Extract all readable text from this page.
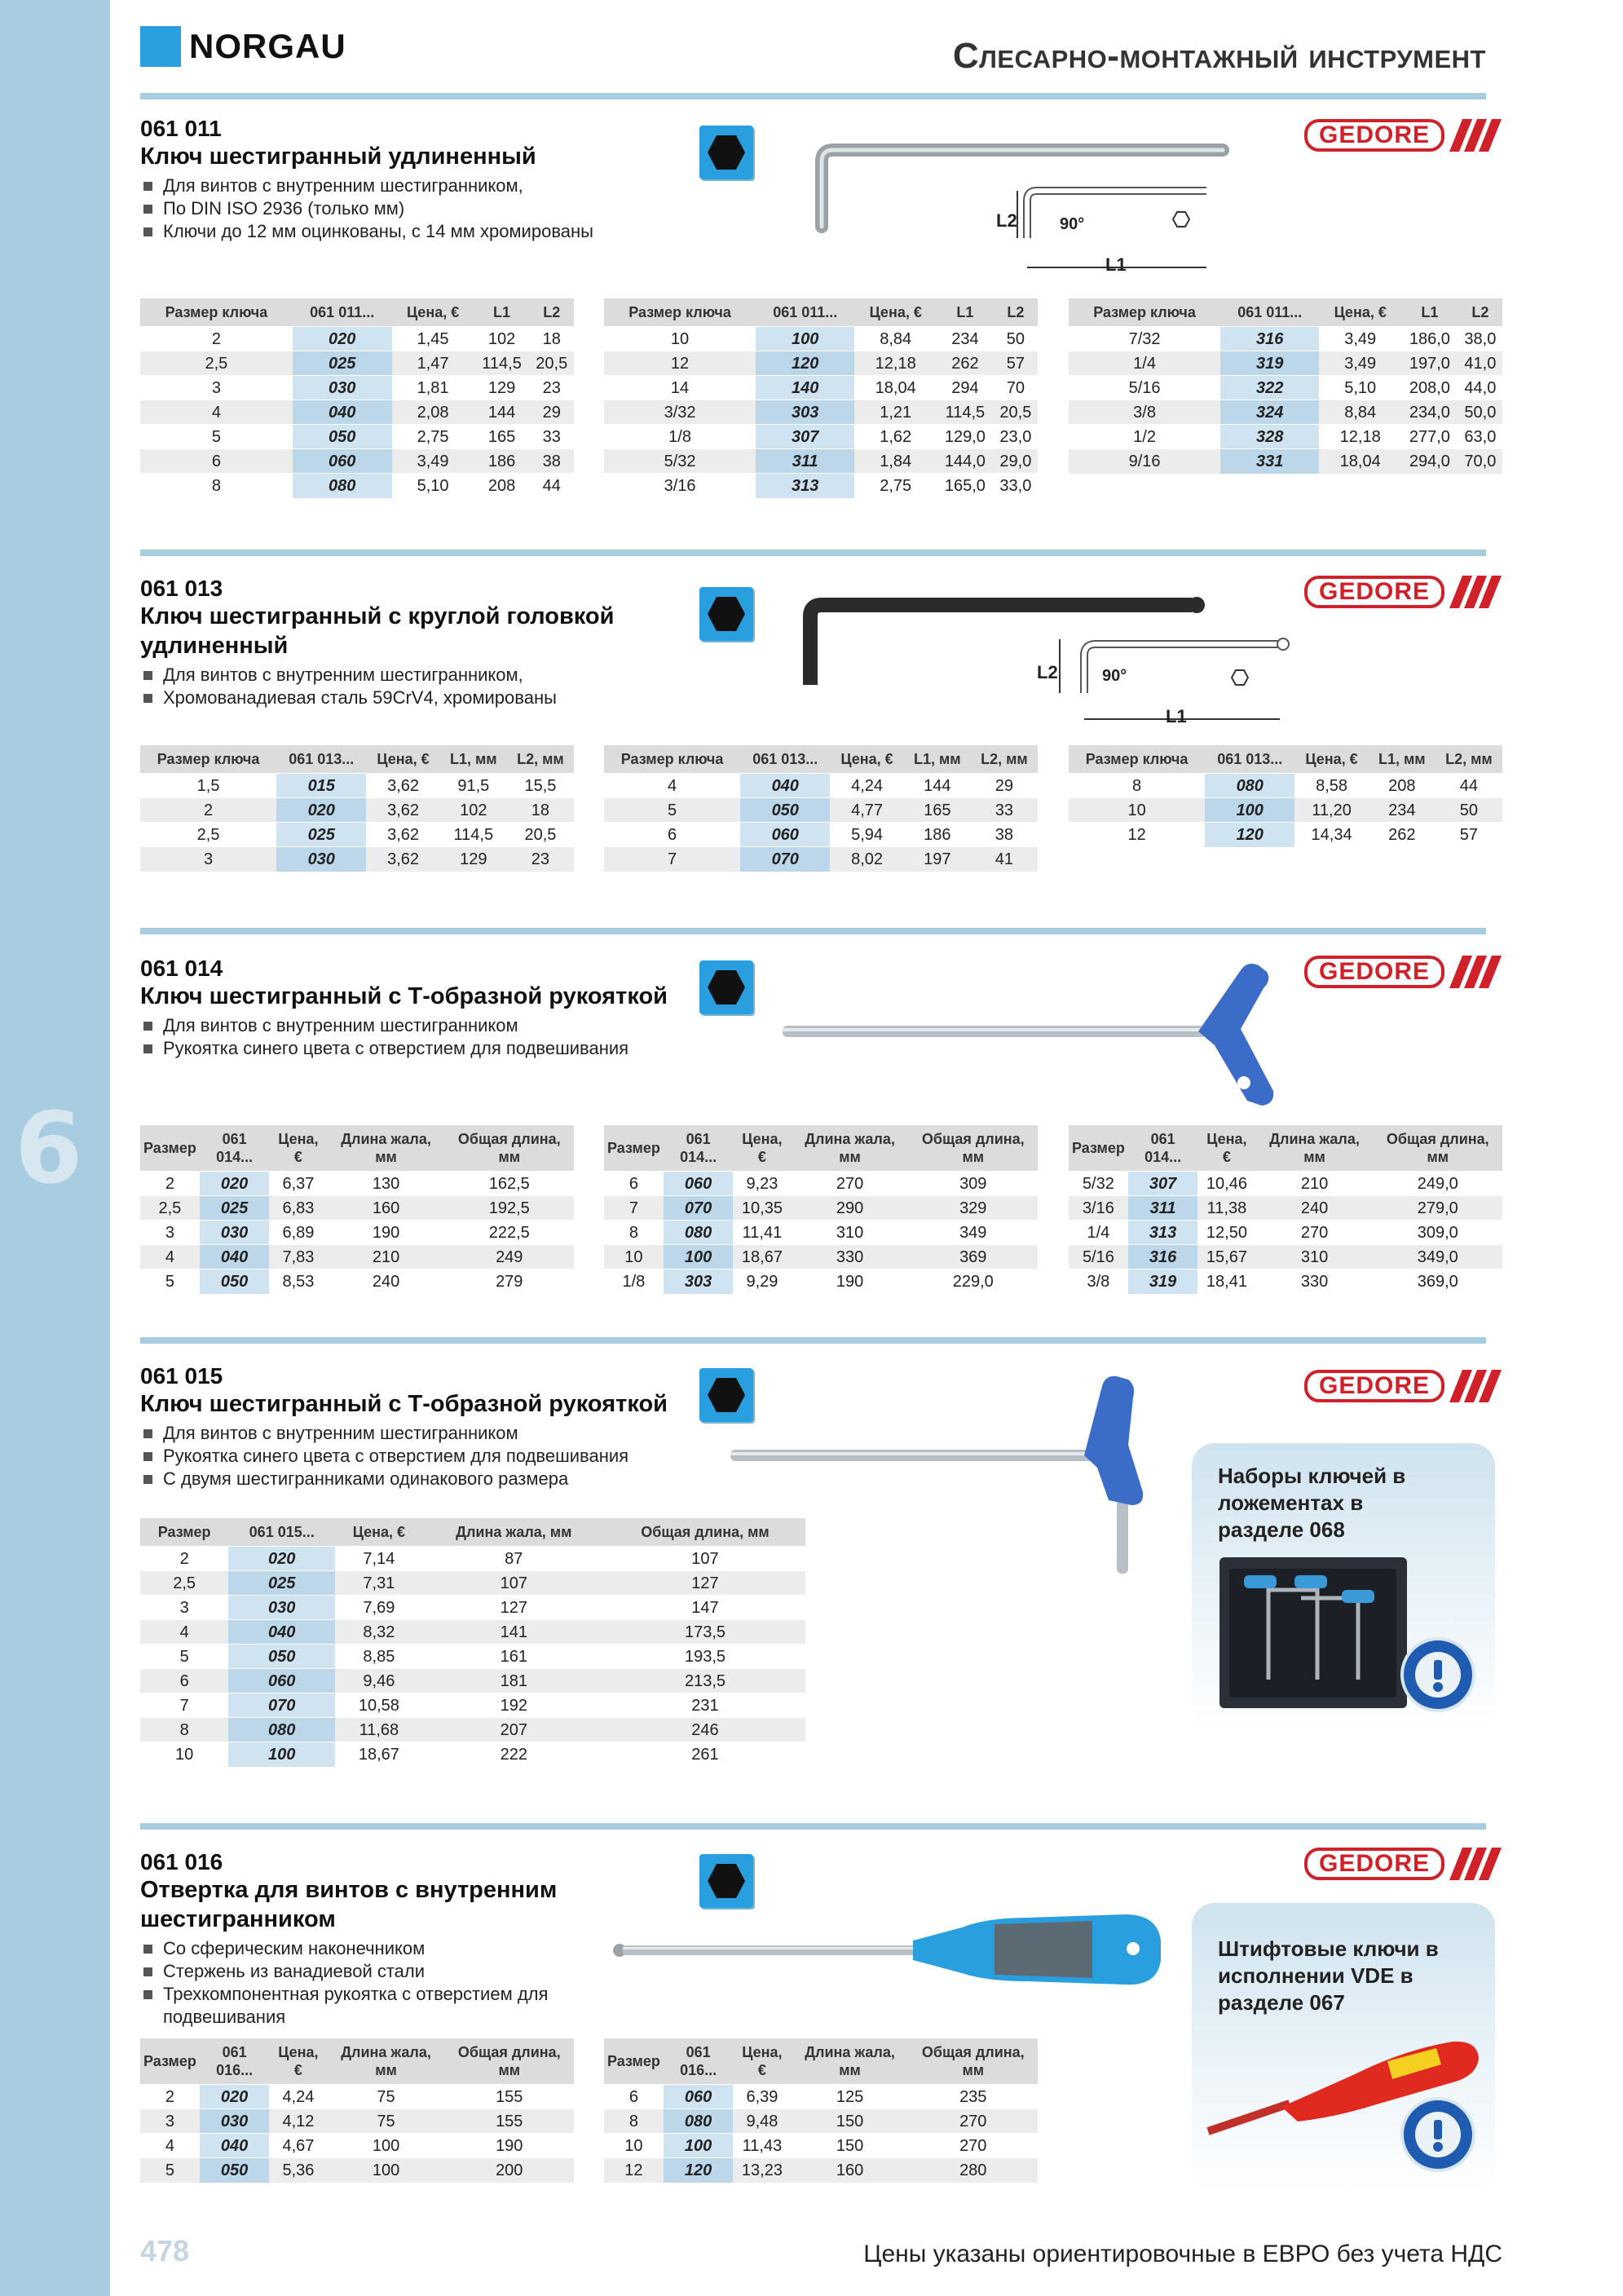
6
NORGAU	Слесарно-монтажный инструмент
061 011
Ключ шестигранный удлиненный
Для винтов с внутренним шестигранником,
По DIN ISO 2936 (только мм)
Ключи до 12 мм оцинкованы, с 14 мм хромированы
L2	90°
L1
GEDORE
Размер ключа	061 011...	Цена, €	L1	L2
2	020	1,45	102	18
2,5	025	1,47	114,5	20,5
3	030	1,81	129	23
4	040	2,08	144	29
5	050	2,75	165	33
6	060	3,49	186	38
8	080	5,10	208	44
Размер ключа	061 011...	Цена, €	L1	L2
10	100	8,84	234	50
12	120	12,18	262	57
14	140	18,04	294	70
3/32	303	1,21	114,5	20,5
1/8	307	1,62	129,0	23,0
5/32	311	1,84	144,0	29,0
3/16	313	2,75	165,0	33,0
Размер ключа	061 011...	Цена, €	L1	L2
7/32	316	3,49	186,0	38,0
1/4	319	3,49	197,0	41,0
5/16	322	5,10	208,0	44,0
3/8	324	8,84	234,0	50,0
1/2	328	12,18	277,0	63,0
9/16	331	18,04	294,0	70,0
061 013
Ключ шестигранный с круглой головкой удлиненный
Для винтов с внутренним шестигранником,
Хромованадиевая сталь 59CrV4, хромированы
L2	90°
L1
GEDORE
Размер ключа	061 013...	Цена, €	L1, мм	L2, мм
1,5	015	3,62	91,5	15,5
2	020	3,62	102	18
2,5	025	3,62	114,5	20,5
3	030	3,62	129	23
Размер ключа	061 013...	Цена, €	L1, мм	L2, мм
4	040	4,24	144	29
5	050	4,77	165	33
6	060	5,94	186	38
7	070	8,02	197	41
Размер ключа	061 013...	Цена, €	L1, мм	L2, мм
8	080	8,58	208	44
10	100	11,20	234	50
12	120	14,34	262	57
061 014
Ключ шестигранный с Т-образной рукояткой
Для винтов с внутренним шестигранником
Рукоятка синего цвета с отверстием для подвешивания
GEDORE
Размер	061 014...	Цена, €	Длина жала, мм	Общая длина, мм
2	020	6,37	130	162,5
2,5	025	6,83	160	192,5
3	030	6,89	190	222,5
4	040	7,83	210	249
5	050	8,53	240	279
Размер	061 014...	Цена, €	Длина жала, мм	Общая длина, мм
6	060	9,23	270	309
7	070	10,35	290	329
8	080	11,41	310	349
10	100	18,67	330	369
1/8	303	9,29	190	229,0
Размер	061 014...	Цена, €	Длина жала, мм	Общая длина, мм
5/32	307	10,46	210	249,0
3/16	311	11,38	240	279,0
1/4	313	12,50	270	309,0
5/16	316	15,67	310	349,0
3/8	319	18,41	330	369,0
061 015
Ключ шестигранный с Т-образной рукояткой
Для винтов с внутренним шестигранником
Рукоятка синего цвета с отверстием для подвешивания
С двумя шестигранниками одинакового размера
GEDORE
Размер	061 015...	Цена, €	Длина жала, мм	Общая длина, мм
2	020	7,14	87	107
2,5	025	7,31	107	127
3	030	7,69	127	147
4	040	8,32	141	173,5
5	050	8,85	161	193,5
6	060	9,46	181	213,5
7	070	10,58	192	231
8	080	11,68	207	246
10	100	18,67	222	261
Наборы ключей в ложементах в разделе 068
061 016
Отвертка для винтов с внутренним шестигранником
Со сферическим наконечником
Стержень из ванадиевой стали
Трехкомпонентная рукоятка с отверстием для подвешивания
GEDORE
Размер	061 016...	Цена, €	Длина жала, мм	Общая длина, мм
2	020	4,24	75	155
3	030	4,12	75	155
4	040	4,67	100	190
5	050	5,36	100	200
Размер	061 016...	Цена, €	Длина жала, мм	Общая длина, мм
6	060	6,39	125	235
8	080	9,48	150	270
10	100	11,43	150	270
12	120	13,23	160	280
Штифтовые ключи в исполнении VDE в разделе 067
478	Цены указаны ориентировочные в ЕВРО без учета НДС
